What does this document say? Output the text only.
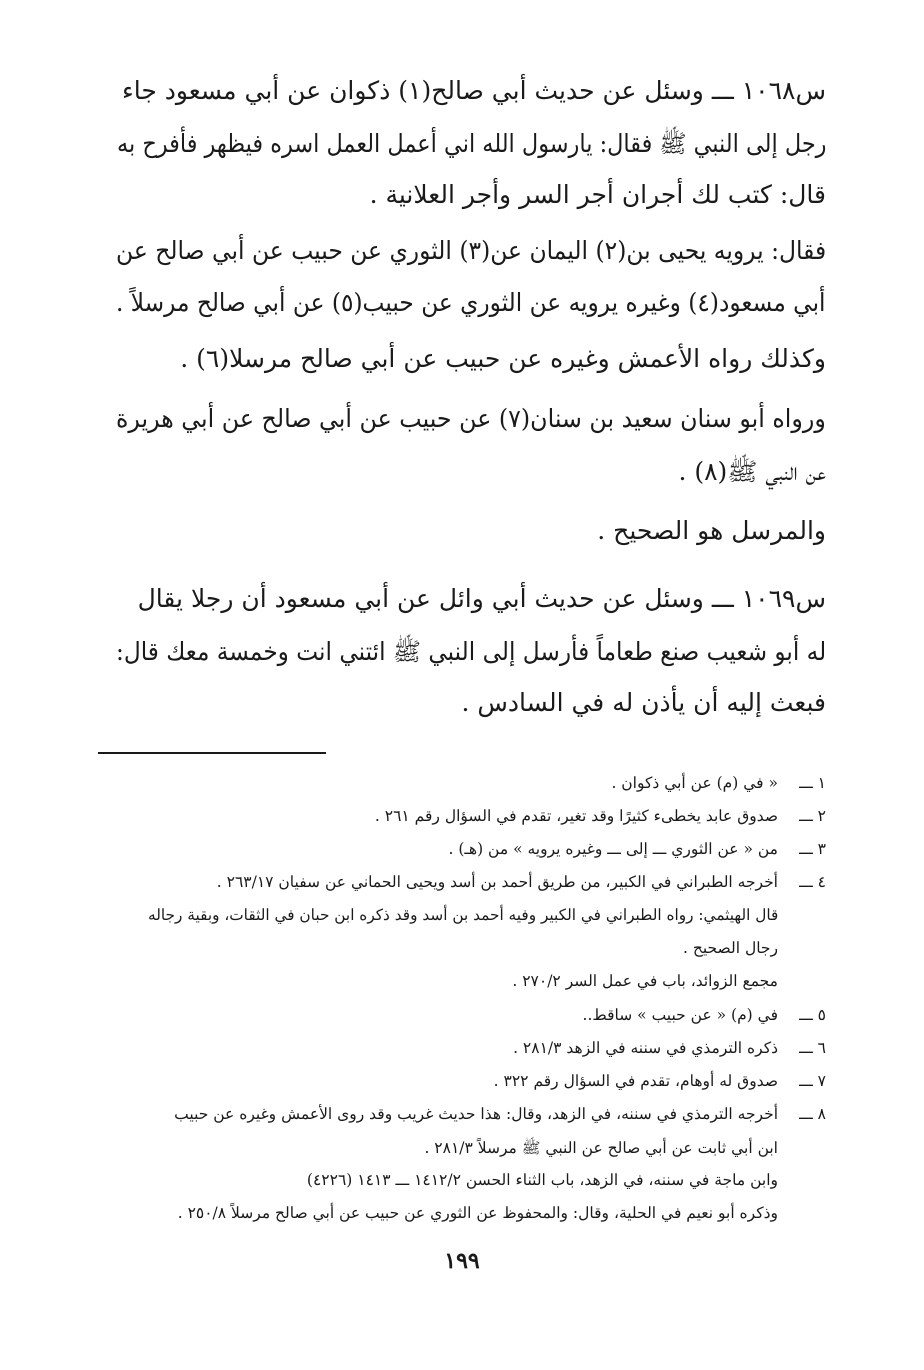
س١٠٦٨ ـــ وسئل عن حديث أبي صالح(١) ذكوان عن أبي مسعود جاء
رجل إلى النبي ﷺ فقال: يارسول الله اني أعمل العمل اسره فيظهر فأفرح به
قال: كتب لك أجران أجر السر وأجر العلانية .
فقال: يرويه يحيى بن(٢) اليمان عن(٣) الثوري عن حبيب عن أبي صالح عن
أبي مسعود(٤) وغيره يرويه عن الثوري عن حبيب(٥) عن أبي صالح مرسلاً .
وكذلك رواه الأعمش وغيره عن حبيب عن أبي صالح مرسلا(٦) .
ورواه أبو سنان سعيد بن سنان(٧) عن حبيب عن أبي صالح عن أبي هريرة
عن النبي ﷺ(٨) .
والمرسل هو الصحيح .
س١٠٦٩ ـــ وسئل عن حديث أبي وائل عن أبي مسعود أن رجلا يقال
له أبو شعيب صنع طعاماً فأرسل إلى النبي ﷺ ائتني انت وخمسة معك قال:
فبعث إليه أن يأذن له في السادس .
١ ـــ
« في (م) عن أبي ذكوان .
٢ ـــ
صدوق عابد يخطىء كثيرًا وقد تغير، تقدم في السؤال رقم ٢٦١ .
٣ ـــ
من « عن الثوري ـــ إلى ـــ وغيره يرويه » من (هـ) .
٤ ـــ
أخرجه الطبراني في الكبير، من طريق أحمد بن أسد ويحيى الحماني عن سفيان ٢٦٣/١٧ .
قال الهيثمي: رواه الطبراني في الكبير وفيه أحمد بن أسد وقد ذكره ابن حبان في الثقات، وبقية رجاله
رجال الصحيح .
مجمع الزوائد، باب في عمل السر ٢٧٠/٢ .
٥ ـــ
في (م) « عن حبيب » ساقط..
٦ ـــ
ذكره الترمذي في سننه في الزهد ٢٨١/٣ .
٧ ـــ
صدوق له أوهام، تقدم في السؤال رقم ٣٢٢ .
٨ ـــ
أخرجه الترمذي في سننه، في الزهد، وقال: هذا حديث غريب وقد روى الأعمش وغيره عن حبيب
ابن أبي ثابت عن أبي صالح عن النبي ﷺ مرسلاً ٢٨١/٣ .
وابن ماجة في سننه، في الزهد، باب الثناء الحسن ١٤١٢/٢ ـــ ١٤١٣ (٤٢٢٦)
وذكره أبو نعيم في الحلية، وقال: والمحفوظ عن الثوري عن حبيب عن أبي صالح مرسلاً ٢٥٠/٨ .
١٩٩
